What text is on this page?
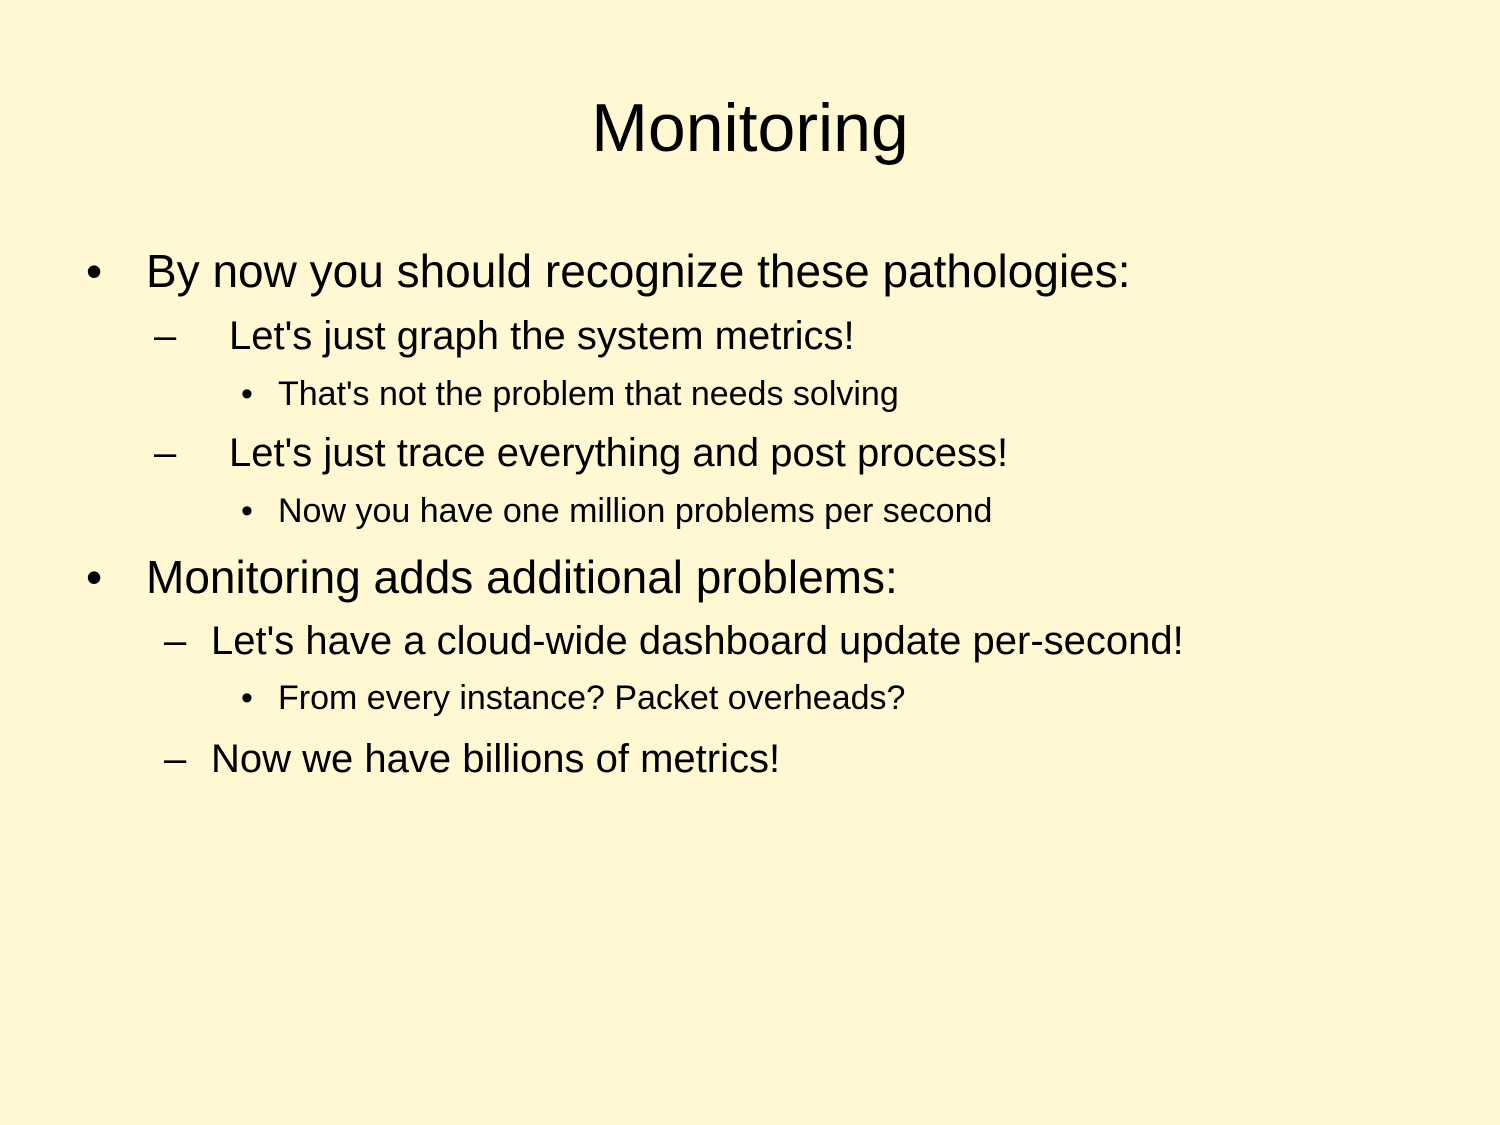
Monitoring
• By now you should recognize these pathologies:
– Let's just graph the system metrics!
• That's not the problem that needs solving
– Let's just trace everything and post process!
• Now you have one million problems per second
• Monitoring adds additional problems:
– Let's have a cloud-wide dashboard update per-second!
• From every instance? Packet overheads?
– Now we have billions of metrics!
